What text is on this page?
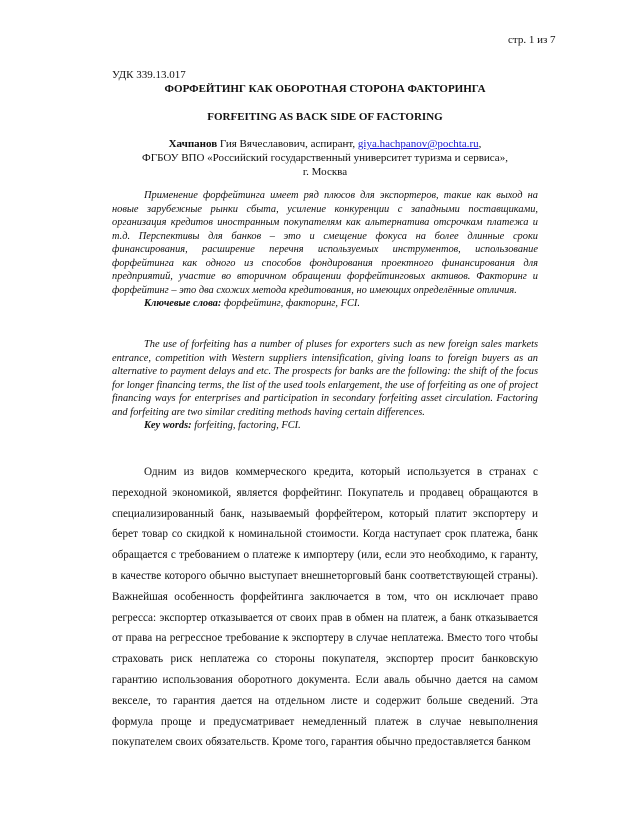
стр. 1 из 7
УДК 339.13.017
ФОРФЕЙТИНГ КАК ОБОРОТНАЯ СТОРОНА ФАКТОРИНГА
FORFEITING AS BACK SIDE OF FACTORING
Хачпанов Гия Вячеславович, аспирант, giya.hachpanov@pochta.ru,
ФГБОУ ВПО «Российский государственный университет туризма и сервиса»,
г. Москва
Применение форфейтинга имеет ряд плюсов для экспортеров, такие как выход на новые зарубежные рынки сбыта, усиление конкуренции с западными поставщиками, организация кредитов иностранным покупателям как альтернатива отсрочкам платежа и т.д. Перспективы для банков – это и смещение фокуса на более длинные сроки финансирования, расширение перечня используемых инструментов, использование форфейтинга как одного из способов фондирования проектного финансирования для предприятий, участие во вторичном обращении форфейтинговых активов. Факторинг и форфейтинг – это два схожих метода кредитования, но имеющих определённые отличия.
Ключевые слова: форфейтинг, факторинг, FCI.
The use of forfeiting has a number of pluses for exporters such as new foreign sales markets entrance, competition with Western suppliers intensification, giving loans to foreign buyers as an alternative to payment delays and etc. The prospects for banks are the following: the shift of the focus for longer financing terms, the list of the used tools enlargement, the use of forfeiting as one of project financing ways for enterprises and participation in secondary forfeiting asset circulation. Factoring and forfeiting are two similar crediting methods having certain differences.
Key words: forfeiting, factoring, FCI.

Одним из видов коммерческого кредита, который используется в странах с переходной экономикой, является форфейтинг. Покупатель и продавец обращаются в специализированный банк, называемый форфейтером, который платит экспортеру и берет товар со скидкой к номинальной стоимости. Когда наступает срок платежа, банк обращается с требованием о платеже к импортеру (или, если это необходимо, к гаранту, в качестве которого обычно выступает внешнеторговый банк соответствующей страны). Важнейшая особенность форфейтинга заключается в том, что он исключает право регресса: экспортер отказывается от своих прав в обмен на платеж, а банк отказывается от права на регрессное требование к экспортеру в случае неплатежа. Вместо того чтобы страховать риск неплатежа со стороны покупателя, экспортер просит банковскую гарантию использования оборотного документа. Если аваль обычно дается на самом векселе, то гарантия дается на отдельном листе и содержит больше сведений. Эта формула проще и предусматривает немедленный платеж в случае невыполнения покупателем своих обязательств. Кроме того, гарантия обычно предоставляется банком
